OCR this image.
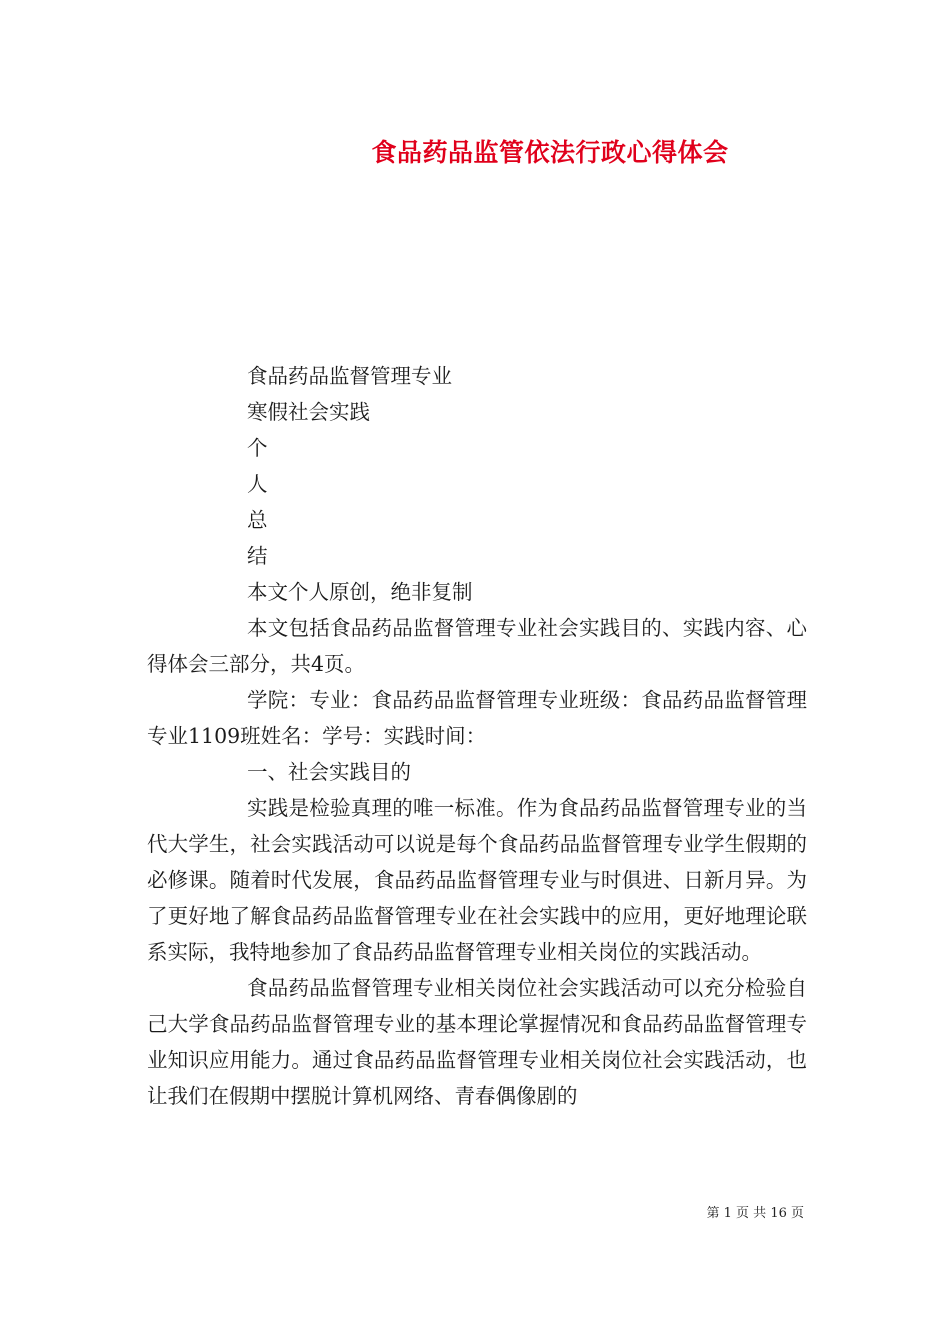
食品药品监管依法行政心得体会
食品药品监督管理专业
寒假社会实践
个
人
总
结
本文个人原创，绝非复制

本文包括食品药品监督管理专业社会实践目的、实践内容、心得体会三部分，共4页。

学院：专业：食品药品监督管理专业班级：食品药品监督管理专业1109班姓名：学号：实践时间：

一、社会实践目的

实践是检验真理的唯一标准。作为食品药品监督管理专业的当代大学生，社会实践活动可以说是每个食品药品监督管理专业学生假期的必修课。随着时代发展，食品药品监督管理专业与时俱进、日新月异。为了更好地了解食品药品监督管理专业在社会实践中的应用，更好地理论联系实际，我特地参加了食品药品监督管理专业相关岗位的实践活动。

食品药品监督管理专业相关岗位社会实践活动可以充分检验自己大学食品药品监督管理专业的基本理论掌握情况和食品药品监督管理专业知识应用能力。通过食品药品监督管理专业相关岗位社会实践活动，也让我们在假期中摆脱计算机网络、青春偶像剧的

第 1 页 共 16 页
